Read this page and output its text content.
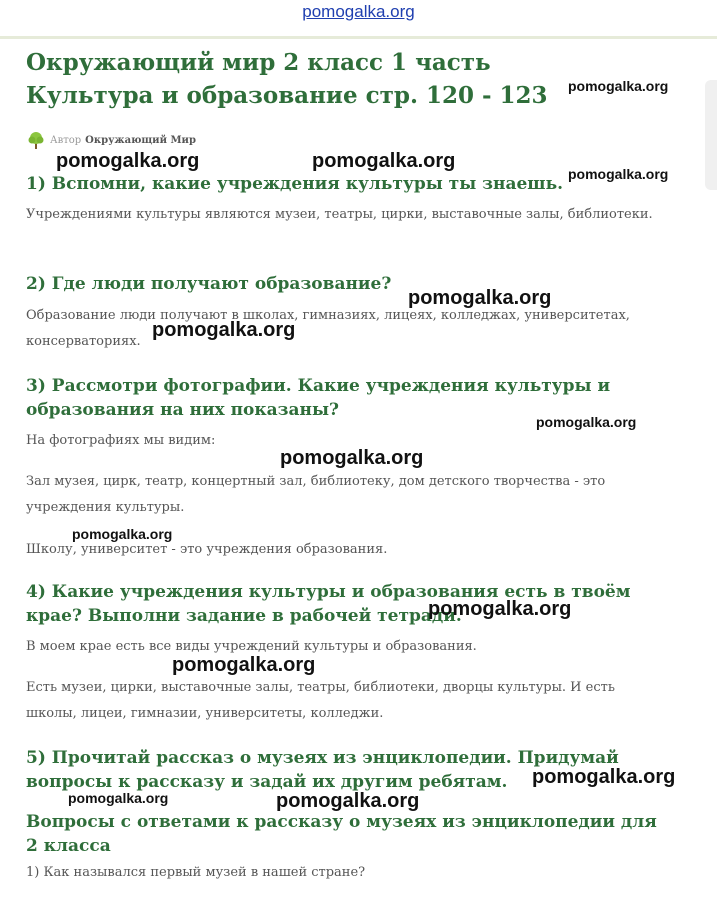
pomogalka.org
Окружающий мир 2 класс 1 часть Культура и образование стр. 120 - 123
Автор Окружающий Мир
1) Вспомни, какие учреждения культуры ты знаешь.

Учреждениями культуры являются музеи, театры, цирки, выставочные залы, библиотеки.

2) Где люди получают образование?

Образование люди получают в школах, гимназиях, лицеях, колледжах, университетах, консерваториях.

3) Рассмотри фотографии. Какие учреждения культуры и образования на них показаны?

На фотографиях мы видим:

Зал музея, цирк, театр, концертный зал, библиотеку, дом детского творчества - это учреждения культуры.

Школу, университет - это учреждения образования.

4) Какие учреждения культуры и образования есть в твоём крае? Выполни задание в рабочей тетради.

В моем крае есть все виды учреждений культуры и образования.

Есть музеи, цирки, выставочные залы, театры, библиотеки, дворцы культуры. И есть школы, лицеи, гимназии, университеты, колледжи.

5) Прочитай рассказ о музеях из энциклопедии. Придумай вопросы к рассказу и задай их другим ребятам.
Вопросы с ответами к рассказу о музеях из энциклопедии для 2 класса

1) Как назывался первый музей в нашей стране?

pomogalka.org
pomogalka.org	pomogalka.org
pomogalka.org
pomogalka.org
pomogalka.org
pomogalka.org
pomogalka.org
pomogalka.org
pomogalka.org
pomogalka.org
pomogalka.org
pomogalka.org	pomogalka.org
